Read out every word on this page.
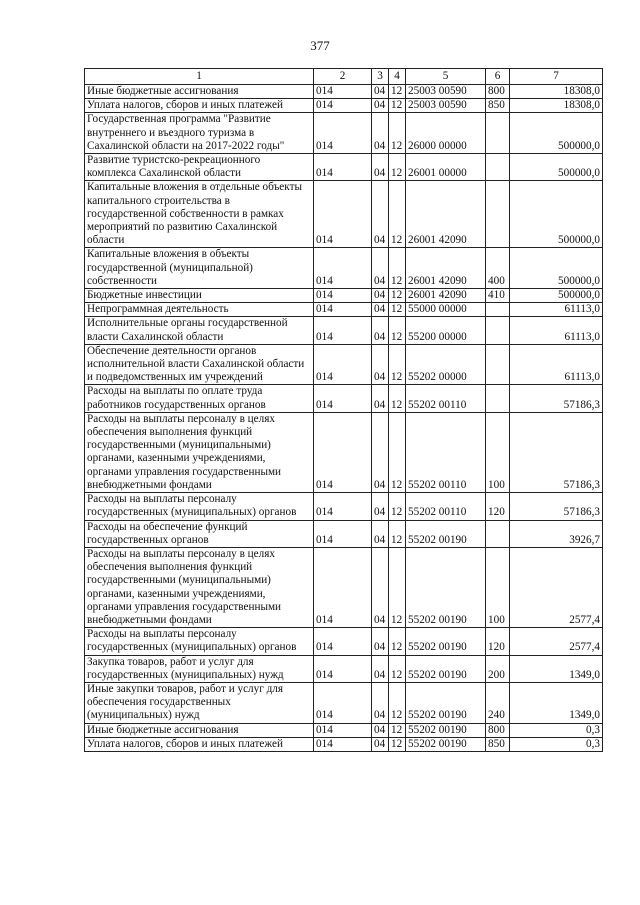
377
1	2	3	4	5	6	7
Иные бюджетные ассигнования	014	04	12	25003 00590	800	18308,0
Уплата налогов, сборов и иных платежей	014	04	12	25003 00590	850	18308,0
Государственная программа "Развитие внутреннего и въездного туризма в Сахалинской области на 2017-2022 годы"	014	04	12	26000 00000		500000,0
Развитие туристско-рекреационного комплекса Сахалинской области	014	04	12	26001 00000		500000,0
Капитальные вложения в отдельные объекты капитального строительства в государственной собственности в рамках мероприятий по развитию Сахалинской области	014	04	12	26001 42090		500000,0
Капитальные вложения в объекты государственной (муниципальной) собственности	014	04	12	26001 42090	400	500000,0
Бюджетные инвестиции	014	04	12	26001 42090	410	500000,0
Непрограммная деятельность	014	04	12	55000 00000		61113,0
Исполнительные органы государственной власти Сахалинской области	014	04	12	55200 00000		61113,0
Обеспечение деятельности органов исполнительной власти Сахалинской области и подведомственных им учреждений	014	04	12	55202 00000		61113,0
Расходы на выплаты по оплате труда работников государственных органов	014	04	12	55202 00110		57186,3
Расходы на выплаты персоналу в целях обеспечения выполнения функций государственными (муниципальными) органами, казенными учреждениями, органами управления государственными внебюджетными фондами	014	04	12	55202 00110	100	57186,3
Расходы на выплаты персоналу государственных (муниципальных) органов	014	04	12	55202 00110	120	57186,3
Расходы на обеспечение функций государственных органов	014	04	12	55202 00190		3926,7
Расходы на выплаты персоналу в целях обеспечения выполнения функций государственными (муниципальными) органами, казенными учреждениями, органами управления государственными внебюджетными фондами	014	04	12	55202 00190	100	2577,4
Расходы на выплаты персоналу государственных (муниципальных) органов	014	04	12	55202 00190	120	2577,4
Закупка товаров, работ и услуг для государственных (муниципальных) нужд	014	04	12	55202 00190	200	1349,0
Иные закупки товаров, работ и услуг для обеспечения государственных (муниципальных) нужд	014	04	12	55202 00190	240	1349,0
Иные бюджетные ассигнования	014	04	12	55202 00190	800	0,3
Уплата налогов, сборов и иных платежей	014	04	12	55202 00190	850	0,3
